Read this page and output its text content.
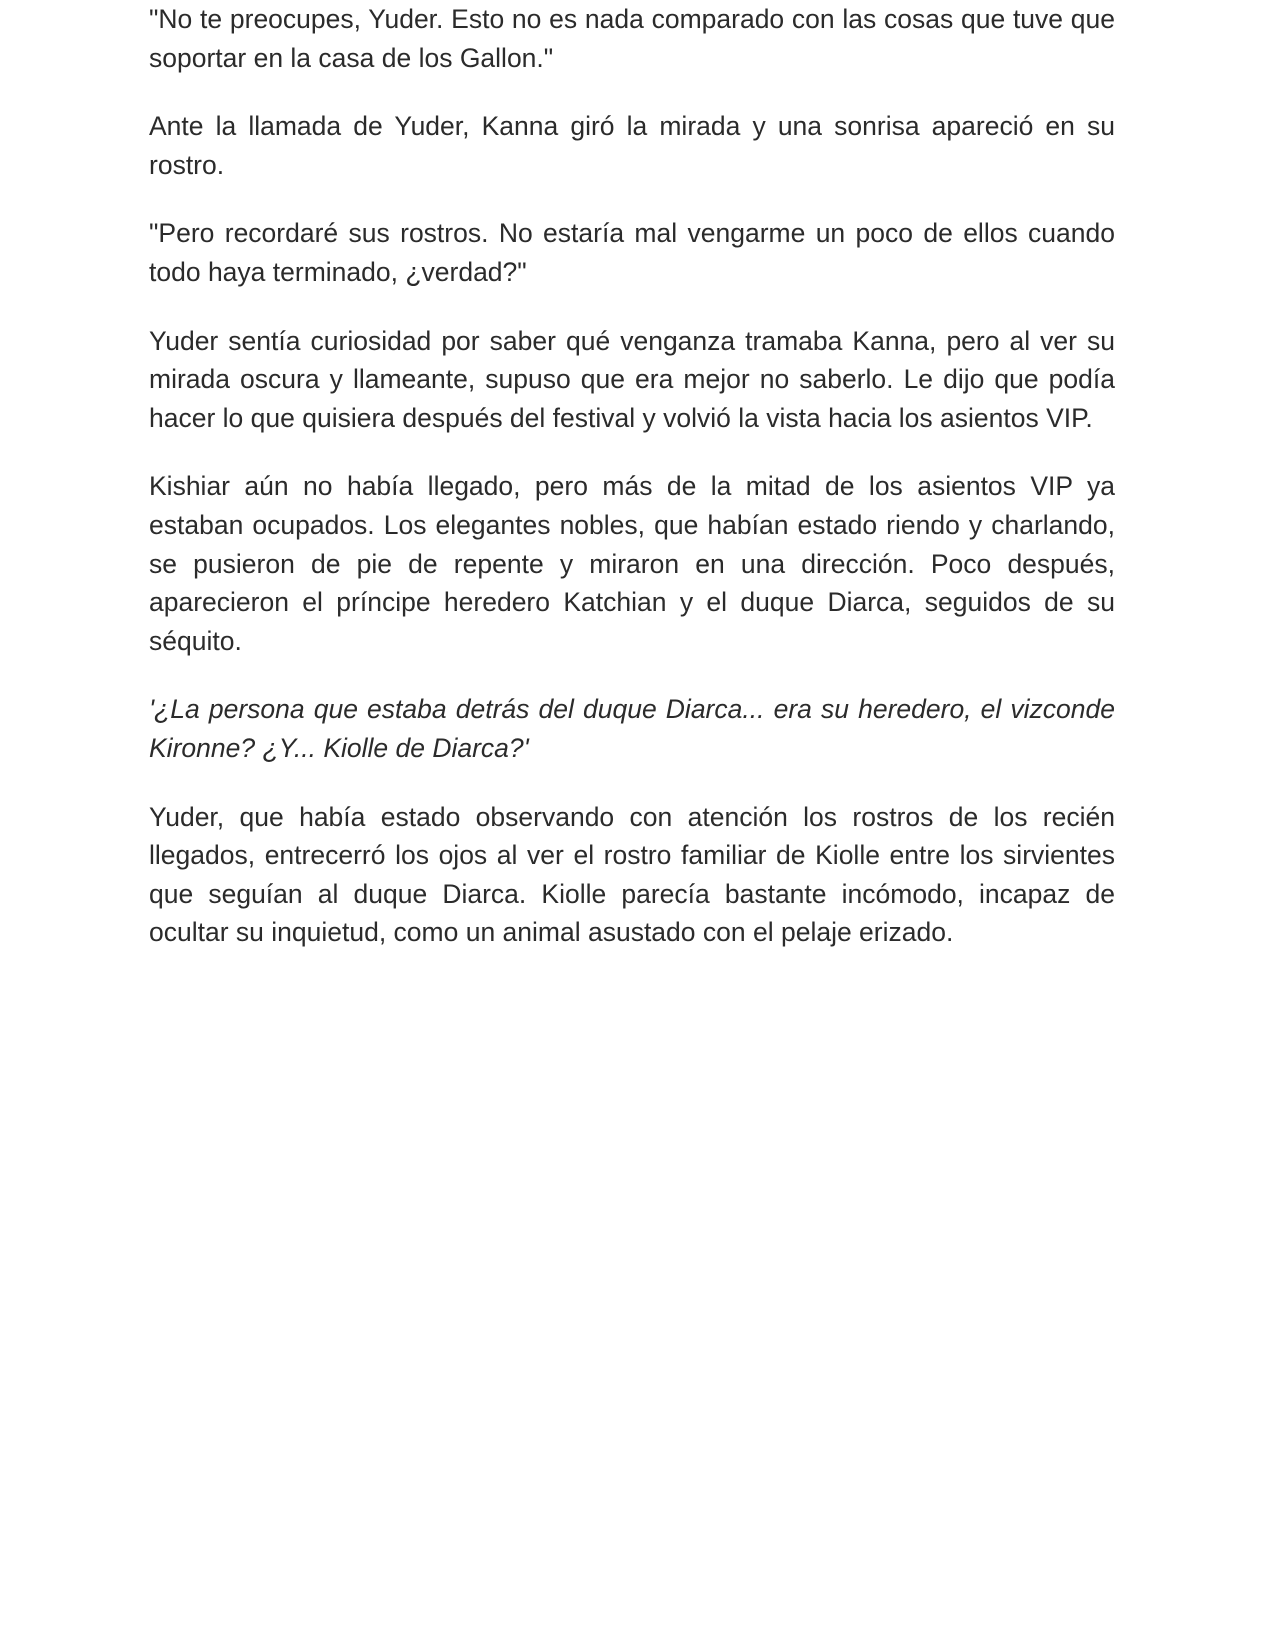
"No te preocupes, Yuder. Esto no es nada comparado con las cosas que tuve que soportar en la casa de los Gallon."

Ante la llamada de Yuder, Kanna giró la mirada y una sonrisa apareció en su rostro.

"Pero recordaré sus rostros. No estaría mal vengarme un poco de ellos cuando todo haya terminado, ¿verdad?"

Yuder sentía curiosidad por saber qué venganza tramaba Kanna, pero al ver su mirada oscura y llameante, supuso que era mejor no saberlo. Le dijo que podía hacer lo que quisiera después del festival y volvió la vista hacia los asientos VIP.

Kishiar aún no había llegado, pero más de la mitad de los asientos VIP ya estaban ocupados. Los elegantes nobles, que habían estado riendo y charlando, se pusieron de pie de repente y miraron en una dirección. Poco después, aparecieron el príncipe heredero Katchian y el duque Diarca, seguidos de su séquito.

'¿La persona que estaba detrás del duque Diarca... era su heredero, el vizconde Kironne? ¿Y... Kiolle de Diarca?'

Yuder, que había estado observando con atención los rostros de los recién llegados, entrecerró los ojos al ver el rostro familiar de Kiolle entre los sirvientes que seguían al duque Diarca. Kiolle parecía bastante incómodo, incapaz de ocultar su inquietud, como un animal asustado con el pelaje erizado.
